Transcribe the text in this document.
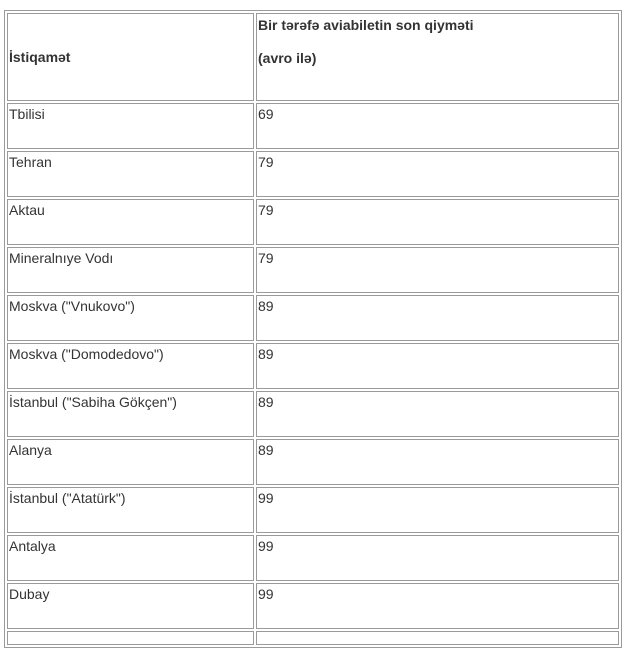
İstiqamət	Bir tərəfə aviabiletin son qiyməti
(avro ilə)

Tbilisi	69
Tehran	79
Aktau	79
Mineralnıye Vodı	79
Moskva ("Vnukovo")	89
Moskva ("Domodedovo")	89
İstanbul ("Sabiha Gökçen")	89
Alanya	89
İstanbul ("Atatürk")	99
Antalya	99
Dubay	99
